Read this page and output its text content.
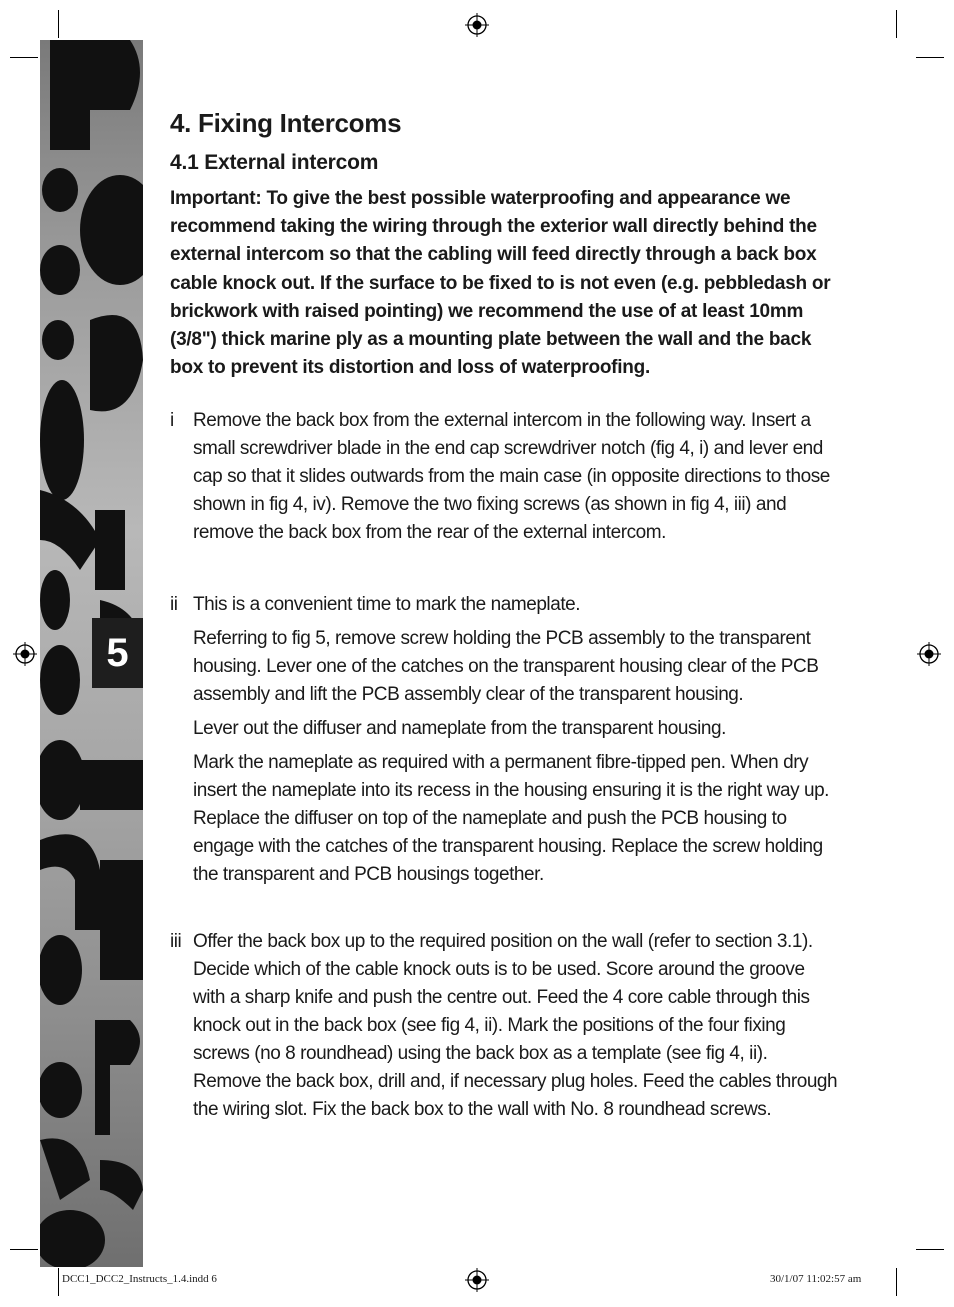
5
4. Fixing Intercoms
4.1 External intercom

Important: To give the best possible waterproofing and appearance we recommend taking the wiring through the exterior wall directly behind the external intercom so that the cabling will feed directly through a back box cable knock out. If the surface to be fixed to is not even (e.g. pebbledash or brickwork with raised pointing) we recommend the use of at least 10mm (3/8") thick marine ply as a mounting plate between the wall and the back box to prevent its distortion and loss of waterproofing.

i Remove the back box from the external intercom in the following way. Insert a small screwdriver blade in the end cap screwdriver notch (fig 4, i) and lever end cap so that it slides outwards from the main case (in opposite directions to those shown in fig 4, iv). Remove the two fixing screws (as shown in fig 4, iii) and remove the back box from the rear of the external intercom.

ii This is a convenient time to mark the nameplate.

Referring to fig 5, remove screw holding the PCB assembly to the transparent housing. Lever one of the catches on the transparent housing clear of the PCB assembly and lift the PCB assembly clear of the transparent housing.

Lever out the diffuser and nameplate from the transparent housing.

Mark the nameplate as required with a permanent fibre-tipped pen. When dry insert the nameplate into its recess in the housing ensuring it is the right way up. Replace the diffuser on top of the nameplate and push the PCB housing to engage with the catches of the transparent housing. Replace the screw holding the transparent and PCB housings together.

iii Offer the back box up to the required position on the wall (refer to section 3.1). Decide which of the cable knock outs is to be used. Score around the groove with a sharp knife and push the centre out. Feed the 4 core cable through this knock out in the back box (see fig 4, ii). Mark the positions of the four fixing screws (no 8 roundhead) using the back box as a template (see fig 4, ii). Remove the back box, drill and, if necessary plug holes. Feed the cables through the wiring slot. Fix the back box to the wall with No. 8 roundhead screws.

DCC1_DCC2_Instructs_1.4.indd 6	30/1/07 11:02:57 am
